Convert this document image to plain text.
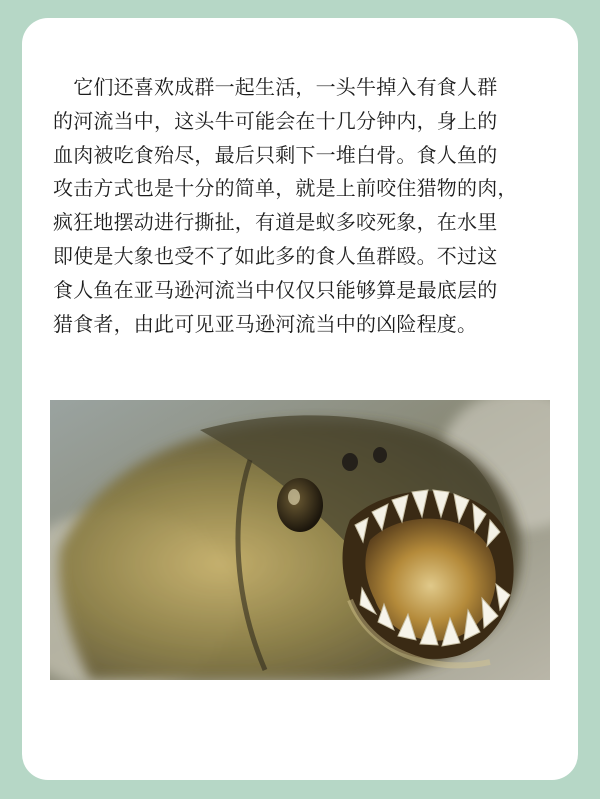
　它们还喜欢成群一起生活，一头牛掉入有食人群
的河流当中，这头牛可能会在十几分钟内，身上的
血肉被吃食殆尽，最后只剩下一堆白骨。食人鱼的
攻击方式也是十分的简单，就是上前咬住猎物的肉，
疯狂地摆动进行撕扯，有道是蚁多咬死象，在水里
即使是大象也受不了如此多的食人鱼群殴。不过这
食人鱼在亚马逊河流当中仅仅只能够算是最底层的
猎食者，由此可见亚马逊河流当中的凶险程度。
